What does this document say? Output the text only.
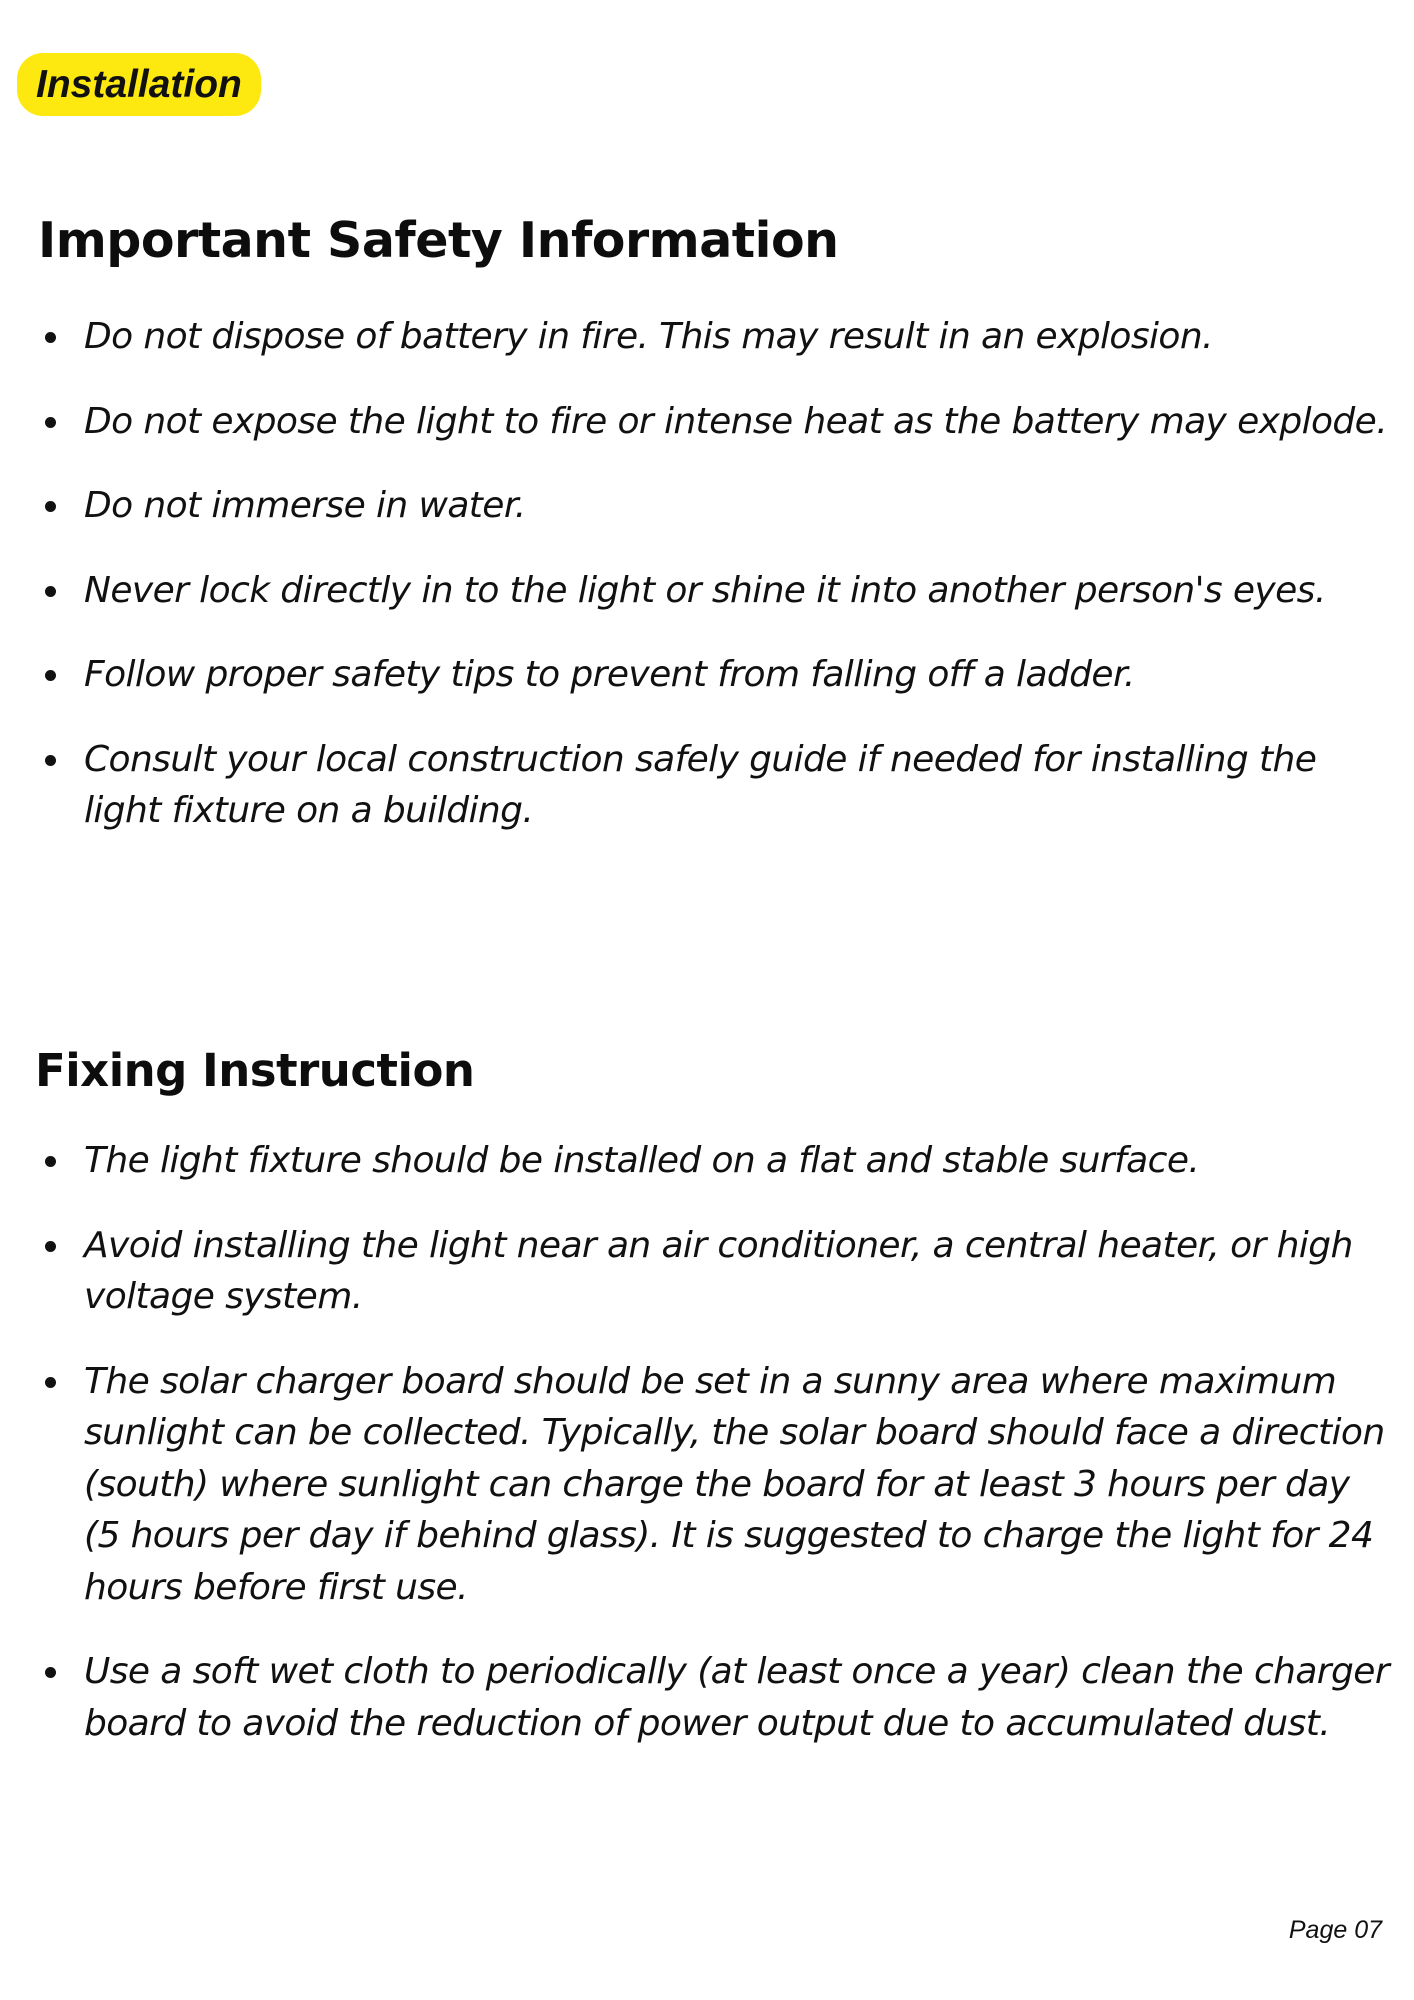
Installation
Important Safety Information
Do not dispose of battery in fire. This may result in an explosion.
Do not expose the light to fire or intense heat as the battery may explode.
Do not immerse in water.
Never lock directly in to the light or shine it into another person's eyes.
Follow proper safety tips to prevent from falling off a ladder.
Consult your local construction safely guide if needed for installing the light fixture on a building.
Fixing Instruction
The light fixture should be installed on a flat and stable surface.
Avoid installing the light near an air conditioner, a central heater, or high voltage system.
The solar charger board should be set in a sunny area where maximum sunlight can be collected. Typically, the solar board should face a direction (south) where sunlight can charge the board for at least 3 hours per day (5 hours per day if behind glass). It is suggested to charge the light for 24 hours before first use.
Use a soft wet cloth to periodically (at least once a year) clean the charger board to avoid the reduction of power output due to accumulated dust.
Page 07
